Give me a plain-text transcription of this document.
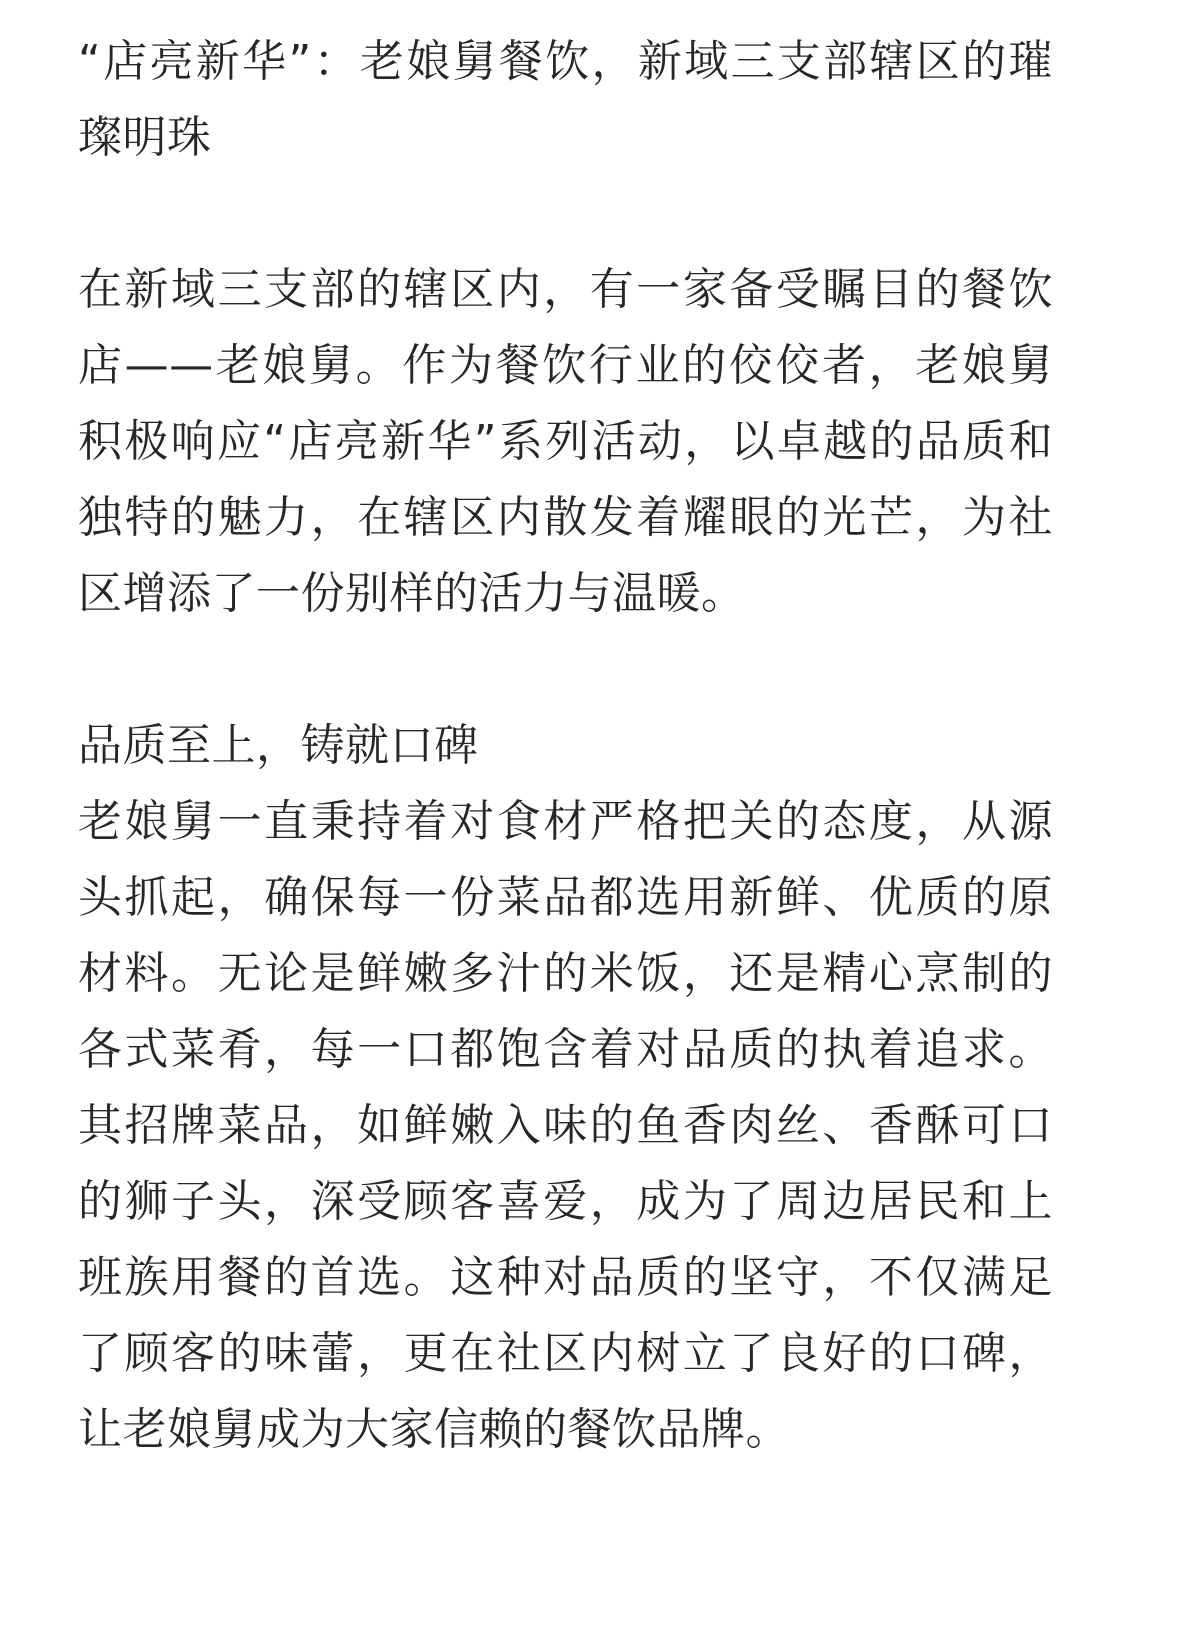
“店亮新华”：老娘舅餐饮，新域三支部辖区的璀璨明珠

在新域三支部的辖区内，有一家备受瞩目的餐饮店——老娘舅。作为餐饮行业的佼佼者，老娘舅积极响应“店亮新华”系列活动，以卓越的品质和独特的魅力，在辖区内散发着耀眼的光芒，为社区增添了一份别样的活力与温暖。

品质至上，铸就口碑

老娘舅一直秉持着对食材严格把关的态度，从源头抓起，确保每一份菜品都选用新鲜、优质的原材料。无论是鲜嫩多汁的米饭，还是精心烹制的各式菜肴，每一口都饱含着对品质的执着追求。其招牌菜品，如鲜嫩入味的鱼香肉丝、香酥可口的狮子头，深受顾客喜爱，成为了周边居民和上班族用餐的首选。这种对品质的坚守，不仅满足了顾客的味蕾，更在社区内树立了良好的口碑，让老娘舅成为大家信赖的餐饮品牌。
